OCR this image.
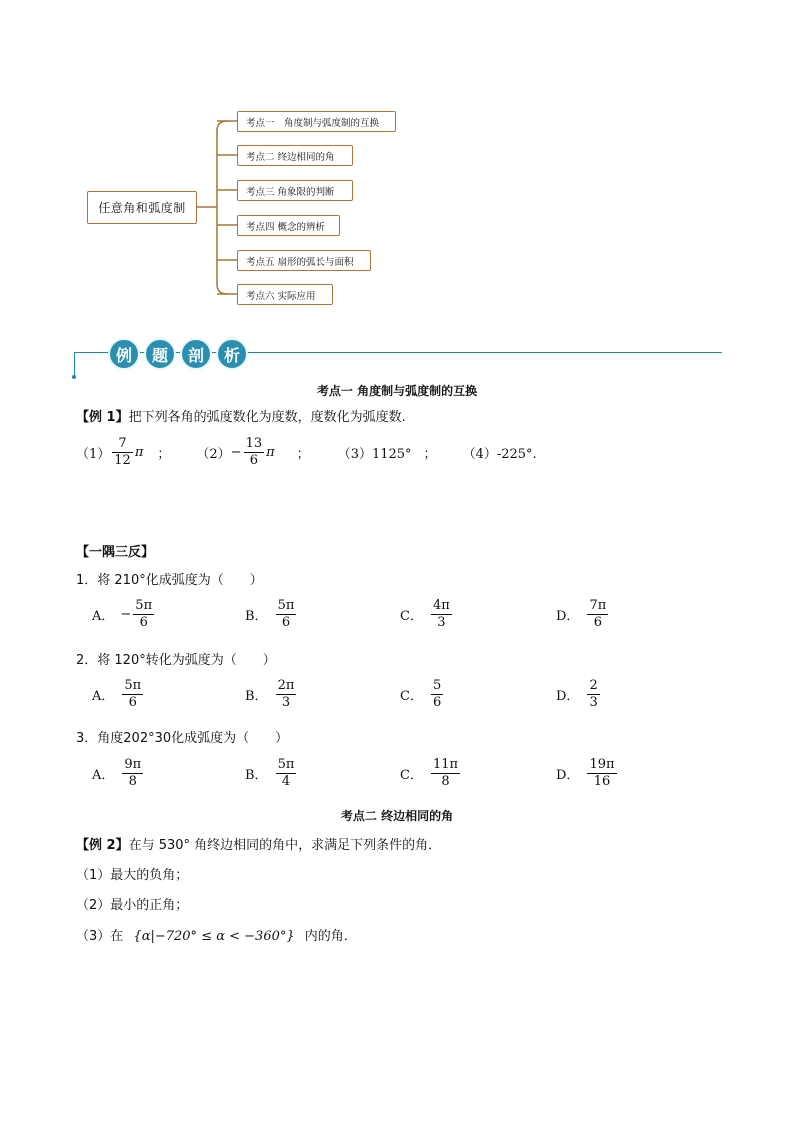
任意角和弧度制
考点一　角度制与弧度制的互换
考点二 终边相同的角
考点三 角象限的判断
考点四 概念的辨析
考点五 扇形的弧长与面积
考点六 实际应用
例	题	剖	析
考点一 角度制与弧度制的互换
【例 1】把下列各角的弧度数化为度数，度数化为弧度数.
$(1) \frac{7}{12}$ π ； $(2) - \frac{13}{6}$ π ； （3）1125° ； （4）-225°.
【一隅三反】
1．将 210°化成弧度为（　　）
A． − $\frac{5\pi}{6}$	B． $\frac{5\pi}{6}$	C． $\frac{4\pi}{3}$	D． $\frac{7\pi}{6}$
2．将 120°转化为弧度为（　　）
A． $\frac{5\pi}{6}$	B． $\frac{2\pi}{3}$	C． $\frac{5}{6}$	D． $\frac{2}{3}$
3．角度202°30化成弧度为（　　）
A． $\frac{9\pi}{8}$	B． $\frac{5\pi}{4}$	C． $\frac{11\pi}{8}$	D． $\frac{19\pi}{16}$
考点二 终边相同的角
【例 2】在与 530° 角终边相同的角中，求满足下列条件的角．
（1）最大的负角；
（2）最小的正角；
（3）在 {α|−720° ≤ α < −360°} 内的角．
